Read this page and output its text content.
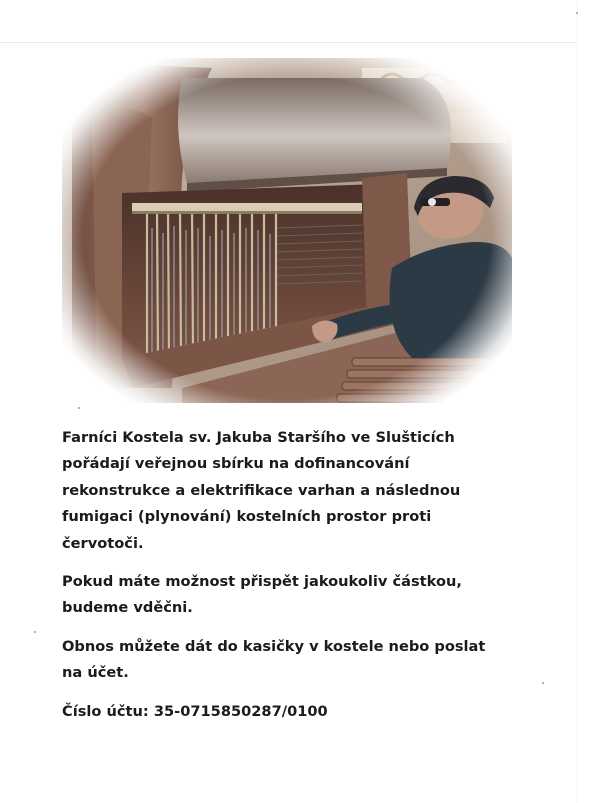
Farníci Kostela sv. Jakuba Staršího ve Slušticích
pořádají veřejnou sbírku na dofinancování
rekonstrukce a elektrifikace varhan a následnou
fumigaci (plynování) kostelních prostor proti
červotoči.

Pokud máte možnost přispět jakoukoliv částkou,
budeme vděčni.

Obnos můžete dát do kasičky v kostele nebo poslat
na účet.

Číslo účtu: 35-0715850287/0100
